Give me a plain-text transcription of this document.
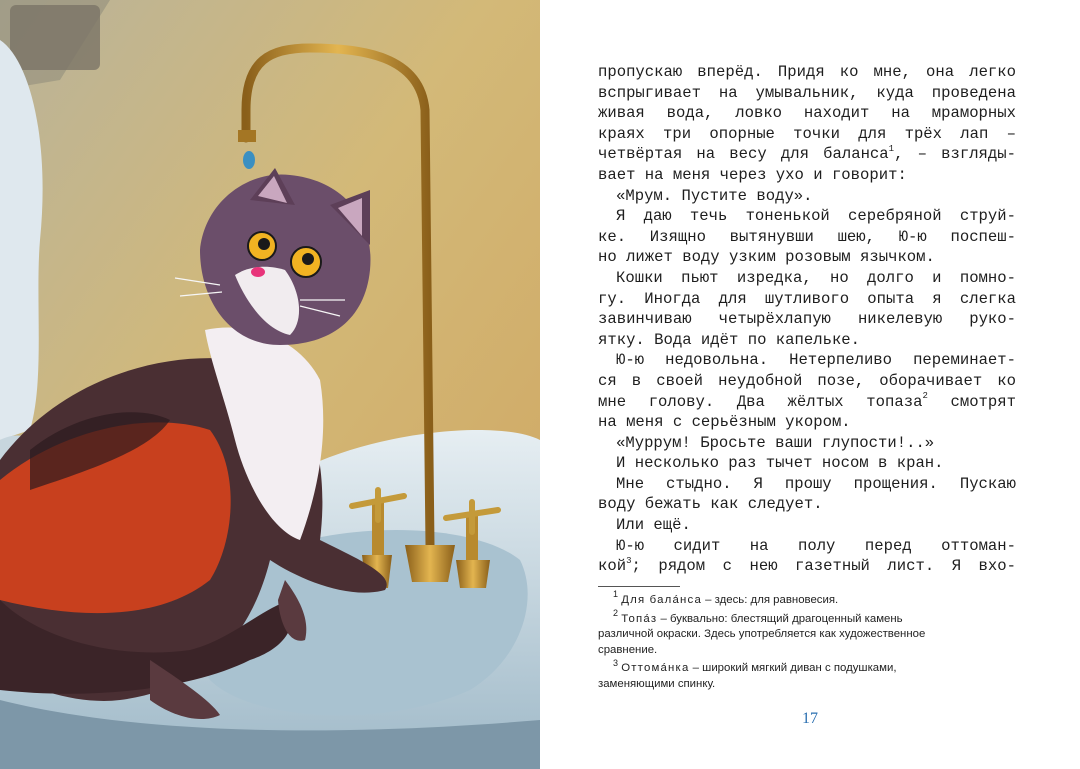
пропускаю вперёд. Придя ко мне, она легко
вспрыгивает на умывальник, куда проведена
живая вода, ловко находит на мраморных
краях три опорные точки для трёх лап –
четвёртая на весу для баланса$^1$, – взгляды-
вает на меня через ухо и говорит:
«Мрум. Пустите воду».
Я даю течь тоненькой серебряной струй-
ке. Изящно вытянувши шею, Ю-ю поспеш-
но лижет воду узким розовым язычком.
Кошки пьют изредка, но долго и помно-
гу. Иногда для шутливого опыта я слегка
завинчиваю четырёхлапую никелевую руко-
ятку. Вода идёт по капельке.
Ю-ю недовольна. Нетерпеливо переминает-
ся в своей неудобной позе, оборачивает ко
мне голову. Два жёлтых топаза$^2$ смотрят
на меня с серьёзным укором.
«Муррум! Бросьте ваши глупости!..»
И несколько раз тычет носом в кран.
Мне стыдно. Я прошу прощения. Пускаю
воду бежать как следует.
Или ещё.
Ю-ю сидит на полу перед оттоман-
кой$^3$; рядом с нею газетный лист. Я вхо-
$^1$ Для бала́нса – здесь: для равновесия.
$^2$ Топа́з – буквально: блестящий драгоценный камень
различной окраски. Здесь употребляется как художественное
сравнение.
$^3$ Оттома́нка – широкий мягкий диван с подушками,
заменяющими спинку.
17
